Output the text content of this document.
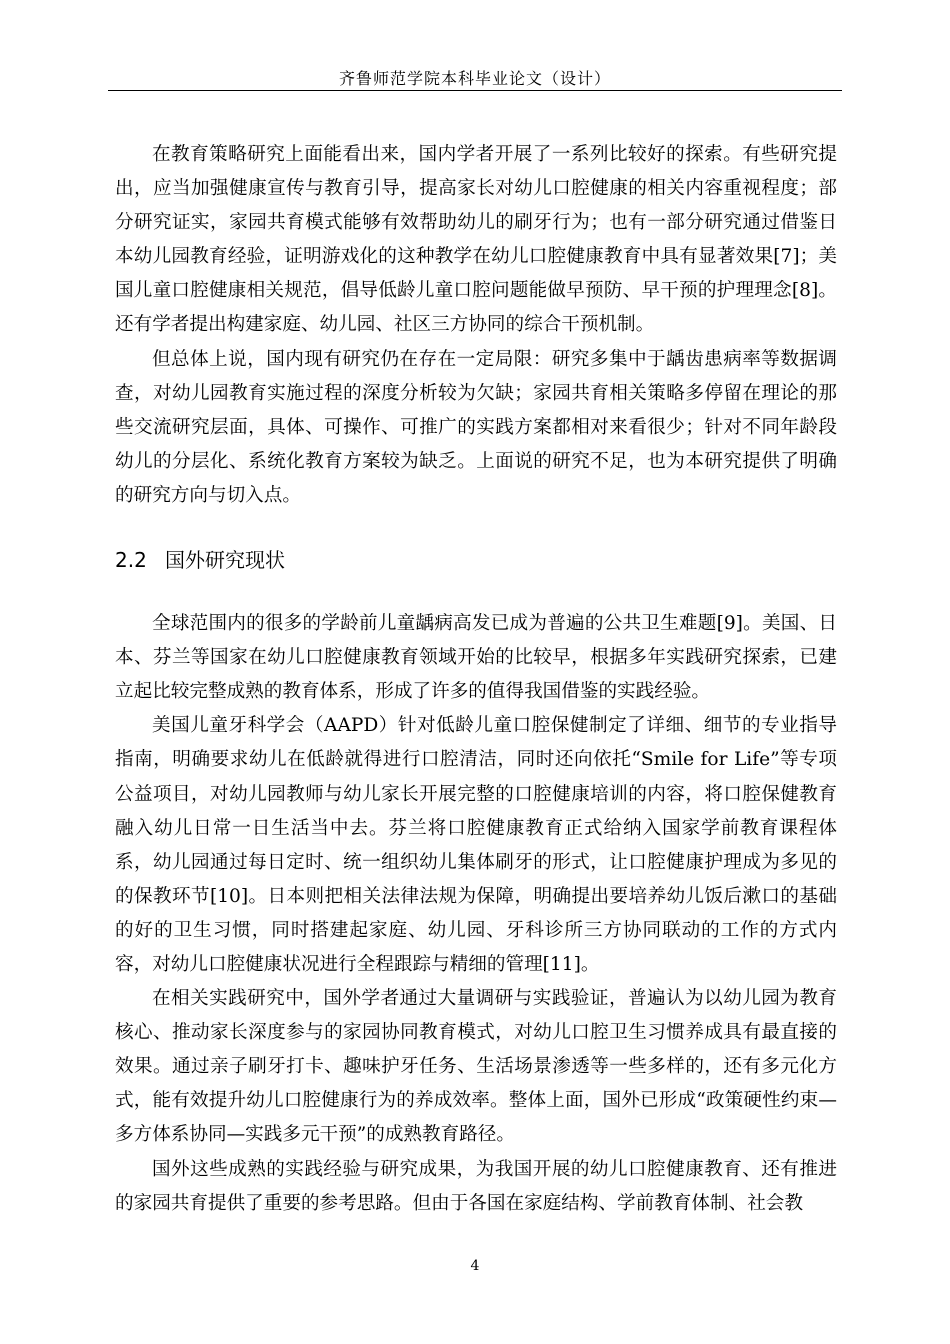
齐鲁师范学院本科毕业论文（设计）

在教育策略研究上面能看出来，国内学者开展了一系列比较好的探索。有些研究提出，应当加强健康宣传与教育引导，提高家长对幼儿口腔健康的相关内容重视程度；部分研究证实，家园共育模式能够有效帮助幼儿的刷牙行为；也有一部分研究通过借鉴日本幼儿园教育经验，证明游戏化的这种教学在幼儿口腔健康教育中具有显著效果[7]；美国儿童口腔健康相关规范，倡导低龄儿童口腔问题能做早预防、早干预的护理理念[8]。还有学者提出构建家庭、幼儿园、社区三方协同的综合干预机制。

但总体上说，国内现有研究仍在存在一定局限：研究多集中于龋齿患病率等数据调查，对幼儿园教育实施过程的深度分析较为欠缺；家园共育相关策略多停留在理论的那些交流研究层面，具体、可操作、可推广的实践方案都相对来看很少；针对不同年龄段幼儿的分层化、系统化教育方案较为缺乏。上面说的研究不足，也为本研究提供了明确的研究方向与切入点。

2.2 国外研究现状

全球范围内的很多的学龄前儿童龋病高发已成为普遍的公共卫生难题[9]。美国、日本、芬兰等国家在幼儿口腔健康教育领域开始的比较早，根据多年实践研究探索，已建立起比较完整成熟的教育体系，形成了许多的值得我国借鉴的实践经验。

美国儿童牙科学会（AAPD）针对低龄儿童口腔保健制定了详细、细节的专业指导指南，明确要求幼儿在低龄就得进行口腔清洁，同时还向依托“Smile for Life”等专项公益项目，对幼儿园教师与幼儿家长开展完整的口腔健康培训的内容，将口腔保健教育融入幼儿日常一日生活当中去。芬兰将口腔健康教育正式给纳入国家学前教育课程体系，幼儿园通过每日定时、统一组织幼儿集体刷牙的形式，让口腔健康护理成为多见的的保教环节[10]。日本则把相关法律法规为保障，明确提出要培养幼儿饭后漱口的基础的好的卫生习惯，同时搭建起家庭、幼儿园、牙科诊所三方协同联动的工作的方式内容，对幼儿口腔健康状况进行全程跟踪与精细的管理[11]。

在相关实践研究中，国外学者通过大量调研与实践验证，普遍认为以幼儿园为教育核心、推动家长深度参与的家园协同教育模式，对幼儿口腔卫生习惯养成具有最直接的效果。通过亲子刷牙打卡、趣味护牙任务、生活场景渗透等一些多样的，还有多元化方式，能有效提升幼儿口腔健康行为的养成效率。整体上面，国外已形成“政策硬性约束—多方体系协同—实践多元干预”的成熟教育路径。

国外这些成熟的实践经验与研究成果，为我国开展的幼儿口腔健康教育、还有推进的家园共育提供了重要的参考思路。但由于各国在家庭结构、学前教育体制、社会教

4
